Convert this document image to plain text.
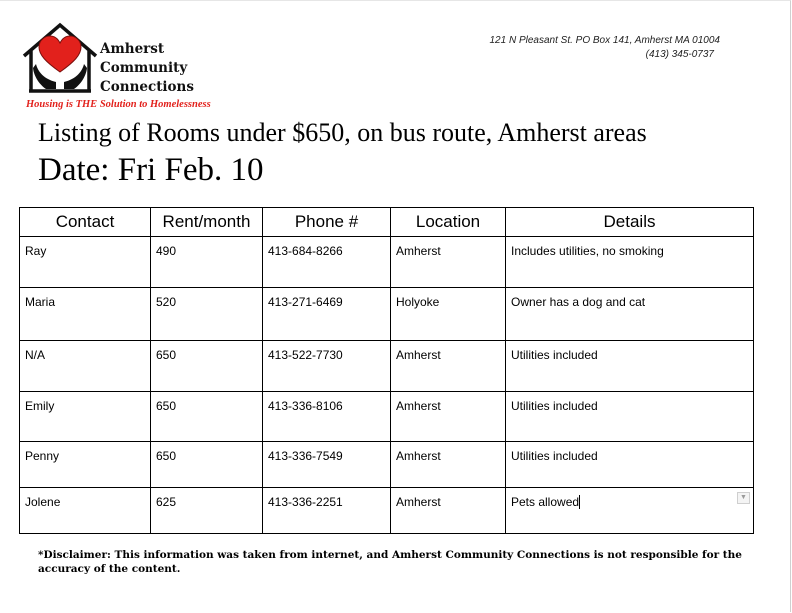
Amherst
Community
Connections
Housing is THE Solution to Homelessness
121 N Pleasant St. PO Box 141, Amherst MA 01004
(413) 345-0737
Listing of Rooms under $650, on bus route, Amherst areas
Date: Fri Feb. 10
Contact	Rent/month	Phone #	Location	Details
Ray	490	413-684-8266	Amherst	Includes utilities, no smoking
Maria	520	413-271-6469	Holyoke	Owner has a dog and cat
N/A	650	413-522-7730	Amherst	Utilities included
Emily	650	413-336-8106	Amherst	Utilities included
Penny	650	413-336-7549	Amherst	Utilities included
Jolene	625	413-336-2251	Amherst	Pets allowed ▼
*Disclaimer: This information was taken from internet, and Amherst Community Connections is not responsible for the accuracy of the content.
